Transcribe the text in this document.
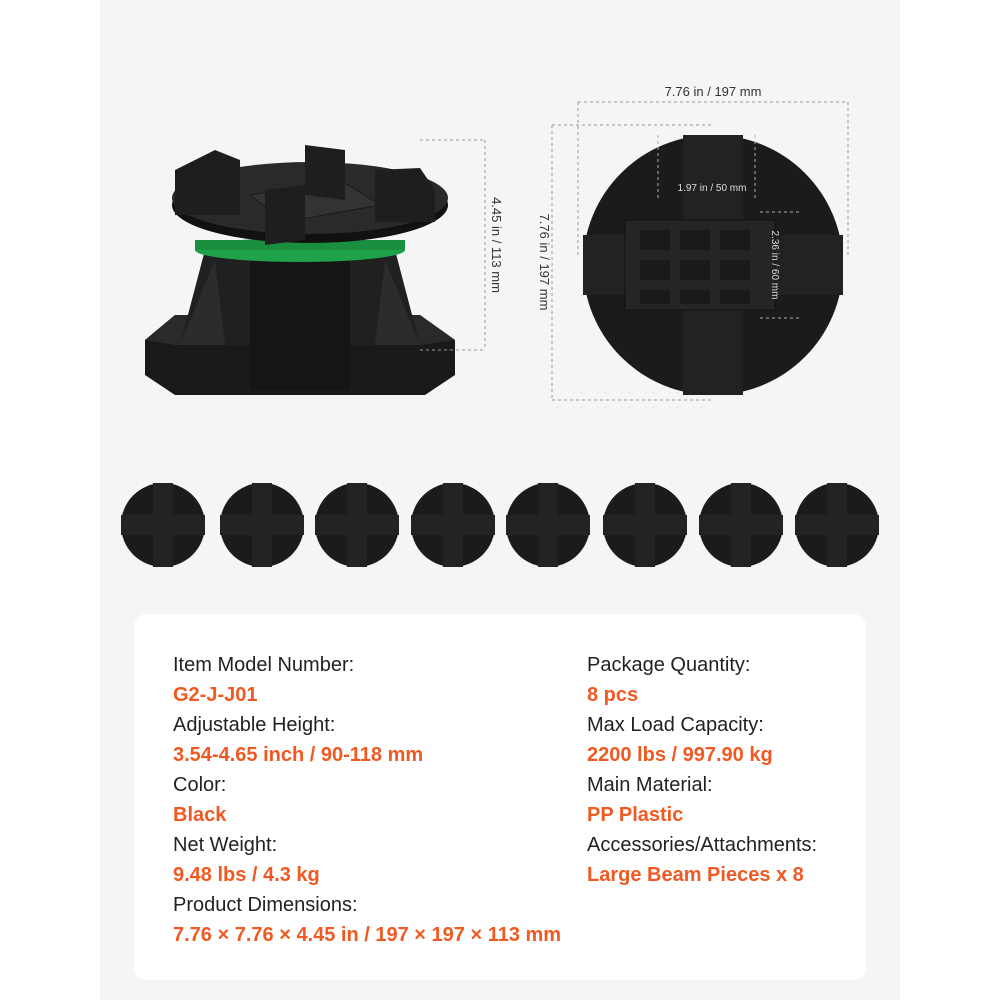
4.45 in / 113 mm
7.76 in / 197 mm
7.76 in / 197 mm
1.97 in / 50 mm
2.36 in / 60 mm
Item Model Number:
G2-J-J01
Adjustable Height:
3.54-4.65 inch / 90-118 mm
Color:
Black
Net Weight:
9.48 lbs / 4.3 kg
Product Dimensions:
7.76 × 7.76 × 4.45 in / 197 × 197 × 113 mm
Package Quantity:
8 pcs
Max Load Capacity:
2200 lbs / 997.90 kg
Main Material:
PP Plastic
Accessories/Attachments:
Large Beam Pieces x 8
